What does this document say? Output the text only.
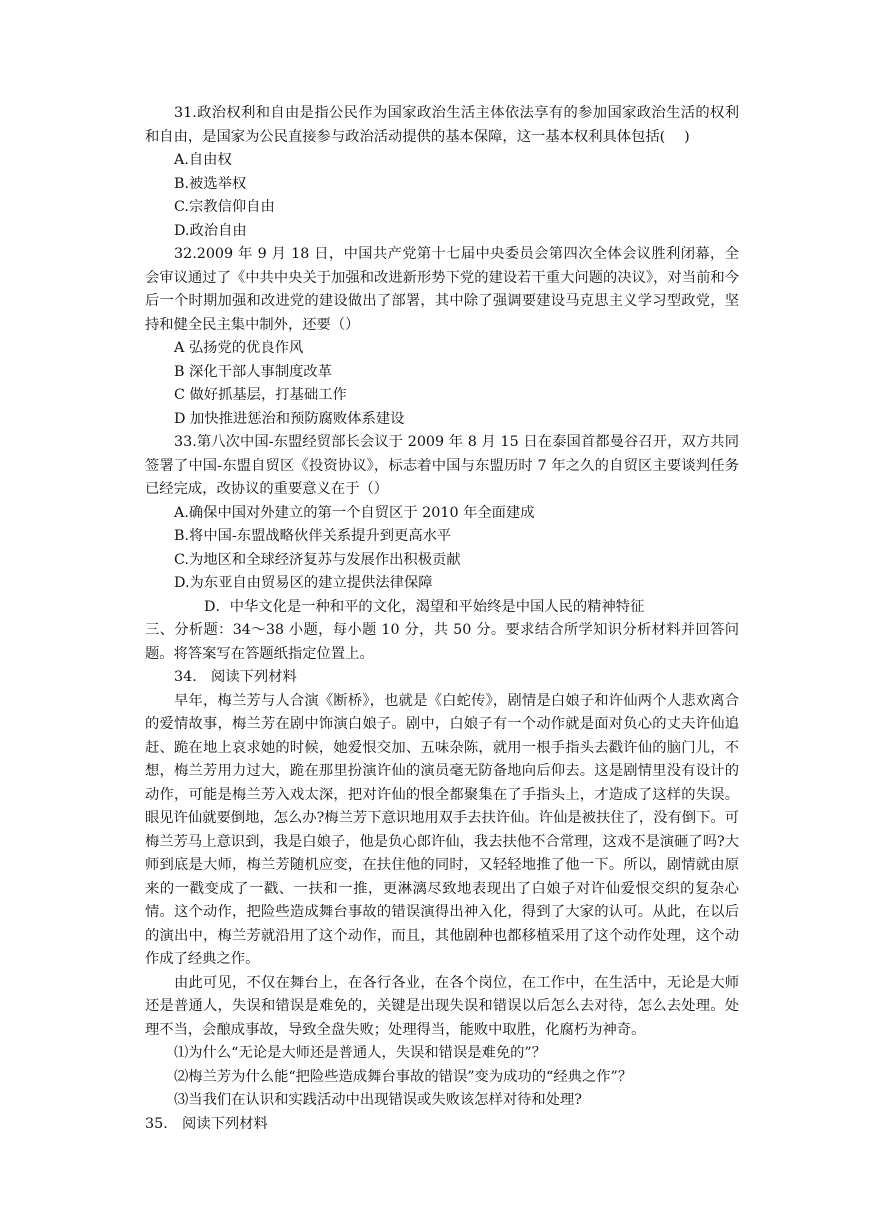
31.政治权利和自由是指公民作为国家政治生活主体依法享有的参加国家政治生活的权利和自由，是国家为公民直接参与政治活动提供的基本保障，这一基本权利具体包括(　 )

A.自由权

B.被选举权

C.宗教信仰自由

D.政治自由

32.2009 年 9 月 18 日，中国共产党第十七届中央委员会第四次全体会议胜利闭幕，全会审议通过了《中共中央关于加强和改进新形势下党的建设若干重大问题的决议》，对当前和今后一个时期加强和改进党的建设做出了部署，其中除了强调要建设马克思主义学习型政党，坚持和健全民主集中制外，还要（）

A 弘扬党的优良作风

B 深化干部人事制度改革

C 做好抓基层，打基础工作

D 加快推进惩治和预防腐败体系建设

33.第八次中国-东盟经贸部长会议于 2009 年 8 月 15 日在泰国首都曼谷召开，双方共同签署了中国-东盟自贸区《投资协议》，标志着中国与东盟历时 7 年之久的自贸区主要谈判任务已经完成，改协议的重要意义在于（）

A.确保中国对外建立的第一个自贸区于 2010 年全面建成

B.将中国-东盟战略伙伴关系提升到更高水平

C.为地区和全球经济复苏与发展作出积极贡献

D.为东亚自由贸易区的建立提供法律保障

D．中华文化是一种和平的文化，渴望和平始终是中国人民的精神特征

三、分析题：34～38 小题，每小题 10 分，共 50 分。要求结合所学知识分析材料并回答问题。将答案写在答题纸指定位置上。

34.　阅读下列材料

早年，梅兰芳与人合演《断桥》，也就是《白蛇传》，剧情是白娘子和许仙两个人悲欢离合的爱情故事，梅兰芳在剧中饰演白娘子。剧中，白娘子有一个动作就是面对负心的丈夫许仙追赶、跪在地上哀求她的时候，她爱恨交加、五味杂陈，就用一根手指头去戳许仙的脑门儿，不想，梅兰芳用力过大，跪在那里扮演许仙的演员毫无防备地向后仰去。这是剧情里没有设计的动作，可能是梅兰芳入戏太深，把对许仙的恨全都聚集在了手指头上，才造成了这样的失误。眼见许仙就要倒地，怎么办?梅兰芳下意识地用双手去扶许仙。许仙是被扶住了，没有倒下。可梅兰芳马上意识到，我是白娘子，他是负心郎许仙，我去扶他不合常理，这戏不是演砸了吗?大师到底是大师，梅兰芳随机应变，在扶住他的同时，又轻轻地推了他一下。所以，剧情就由原来的一戳变成了一戳、一扶和一推，更淋漓尽致地表现出了白娘子对许仙爱恨交织的复杂心情。这个动作，把险些造成舞台事故的错误演得出神入化，得到了大家的认可。从此，在以后的演出中，梅兰芳就沿用了这个动作，而且，其他剧种也都移植采用了这个动作处理，这个动作成了经典之作。

由此可见，不仅在舞台上，在各行各业，在各个岗位，在工作中，在生活中，无论是大师还是普通人，失误和错误是难免的，关键是出现失误和错误以后怎么去对待，怎么去处理。处理不当，会酿成事故，导致全盘失败；处理得当，能败中取胜，化腐朽为神奇。

⑴为什么“无论是大师还是普通人，失误和错误是难免的”？

⑵梅兰芳为什么能“把险些造成舞台事故的错误”变为成功的“经典之作”？

⑶当我们在认识和实践活动中出现错误或失败该怎样对待和处理?

35.　阅读下列材料
